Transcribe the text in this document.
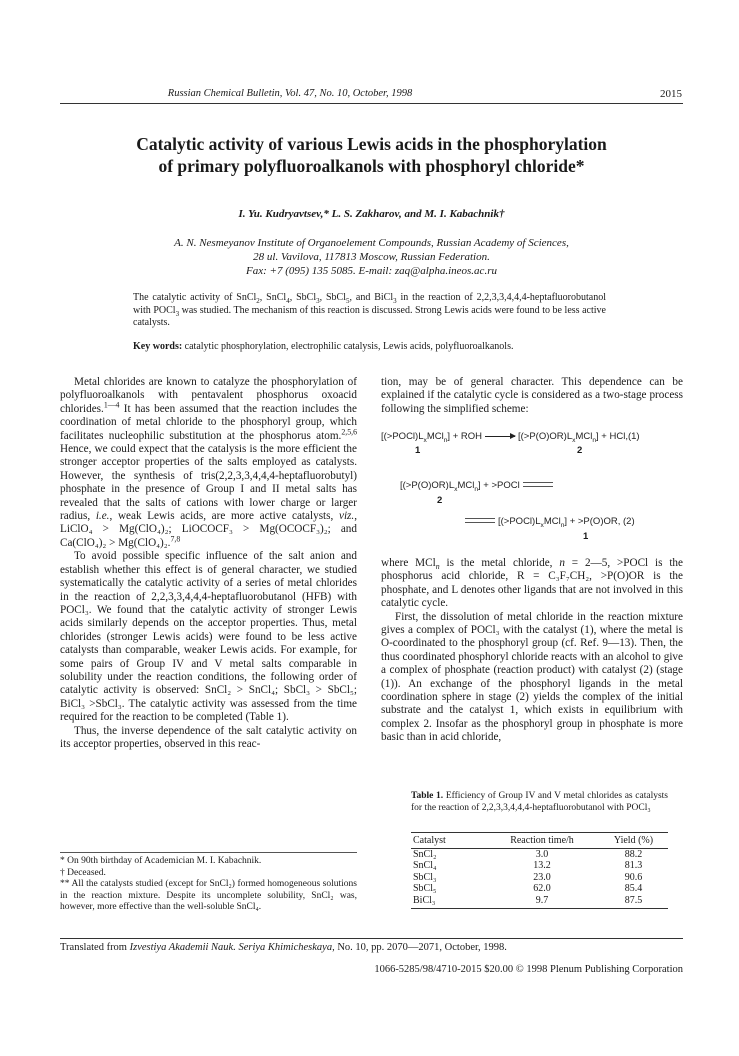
Russian Chemical Bulletin, Vol. 47, No. 10, October, 1998	2015
Catalytic activity of various Lewis acids in the phosphorylation
of primary polyfluoroalkanols with phosphoryl chloride*
I. Yu. Kudryavtsev,* L. S. Zakharov, and M. I. Kabachnik†
A. N. Nesmeyanov Institute of Organoelement Compounds, Russian Academy of Sciences,
28 ul. Vavilova, 117813 Moscow, Russian Federation.
Fax: +7 (095) 135 5085. E-mail: zaq@alpha.ineos.ac.ru
The catalytic activity of SnCl$_2$, SnCl$_4$, SbCl$_3$, SbCl$_5$, and BiCl$_3$ in the reaction of 2,2,3,3,4,4,4-heptafluorobutanol with POCl$_3$ was studied. The mechanism of this reaction is discussed. Strong Lewis acids were found to be less active catalysts.
Key words: catalytic phosphorylation, electrophilic catalysis, Lewis acids, polyfluoroalkanols.

Metal chlorides are known to catalyze the phosphorylation of polyfluoroalkanols with pentavalent phosphorus oxoacid chlorides.$^{1—4}$ It has been assumed that the reaction includes the coordination of metal chloride to the phosphoryl group, which facilitates nucleophilic substitution at the phosphorus atom.$^{2,5,6}$ Hence, we could expect that the catalysis is the more efficient the stronger acceptor properties of the salts employed as catalysts. However, the synthesis of tris(2,2,3,3,4,4,4-heptafluorobutyl) phosphate in the presence of Group I and II metal salts has revealed that the salts of cations with lower charge or larger radius, i.e., weak Lewis acids, are more active catalysts, viz., LiClO₄ > Mg(ClO₄)₂; LiOCOCF₃ > Mg(OCOCF₃)₂; and Ca(ClO₄)₂ > Mg(ClO₄)₂.$^{7,8}$

To avoid possible specific influence of the salt anion and establish whether this effect is of general character, we studied systematically the catalytic activity of a series of metal chlorides in the reaction of 2,2,3,3,4,4,4-heptafluorobutanol (HFB) with POCl₃. We found that the catalytic activity of stronger Lewis acids similarly depends on the acceptor properties. Thus, metal chlorides (stronger Lewis acids) were found to be less active catalysts than comparable, weaker Lewis acids. For example, for some pairs of Group IV and V metal salts comparable in solubility under the reaction conditions, the following order of catalytic activity is observed: SnCl₂ > SnCl₄; SbCl₃ > SbCl₅; BiCl₃ >SbCl₃. The catalytic activity was assessed from the time required for the reaction to be completed (Table 1).

Thus, the inverse dependence of the salt catalytic activity on its acceptor properties, observed in this reac-

tion, may be of general character. This dependence can be explained if the catalytic cycle is considered as a two-stage process following the simplified scheme:

$[(>POCl)L_xMCl_n]$ + ROH → $[(>P(O)OR)L_xMCl_n] + HCl,(1)$
1	2
$[(>P(O)OR)L_xMCl_n]$ + >POCl
2
$[(>POCl)L_xMCl_n] + >P(O)OR$, (2)
1

where MCl$_n$ is the metal chloride, n = 2—5, >POCl is the phosphorus acid chloride, R = C₃F₇CH₂, >P(O)OR is the phosphate, and L denotes other ligands that are not involved in this catalytic cycle.

First, the dissolution of metal chloride in the reaction mixture gives a complex of POCl₃ with the catalyst (1), where the metal is O-coordinated to the phosphoryl group (cf. Ref. 9—13). Then, the thus coordinated phosphoryl chloride reacts with an alcohol to give a complex of phosphate (reaction product) with catalyst (2) (stage (1)). An exchange of the phosphoryl ligands in the metal coordination sphere in stage (2) yields the complex of the initial substrate and the catalyst 1, which exists in equilibrium with complex 2. Insofar as the phosphoryl group in phosphate is more basic than in acid chloride,

Table 1. Efficiency of Group IV and V metal chlorides as catalysts for the reaction of 2,2,3,3,4,4,4-heptafluorobutanol with POCl₃
Catalyst	Reaction time/h	Yield (%)
SnCl₂	3.0	88.2
SnCl₄	13.2	81.3
SbCl₃	23.0	90.6
SbCl₅	62.0	85.4
BiCl₃	9.7	87.5

* On 90th birthday of Academician M. I. Kabachnik.

† Deceased.

** All the catalysts studied (except for SnCl₂) formed homogeneous solutions in the reaction mixture. Despite its uncomplete solubility, SnCl₂ was, however, more effective than the well-soluble SnCl₄.

Translated from Izvestiya Akademii Nauk. Seriya Khimicheskaya, No. 10, pp. 2070—2071, October, 1998.
1066-5285/98/4710-2015 $20.00 © 1998 Plenum Publishing Corporation
